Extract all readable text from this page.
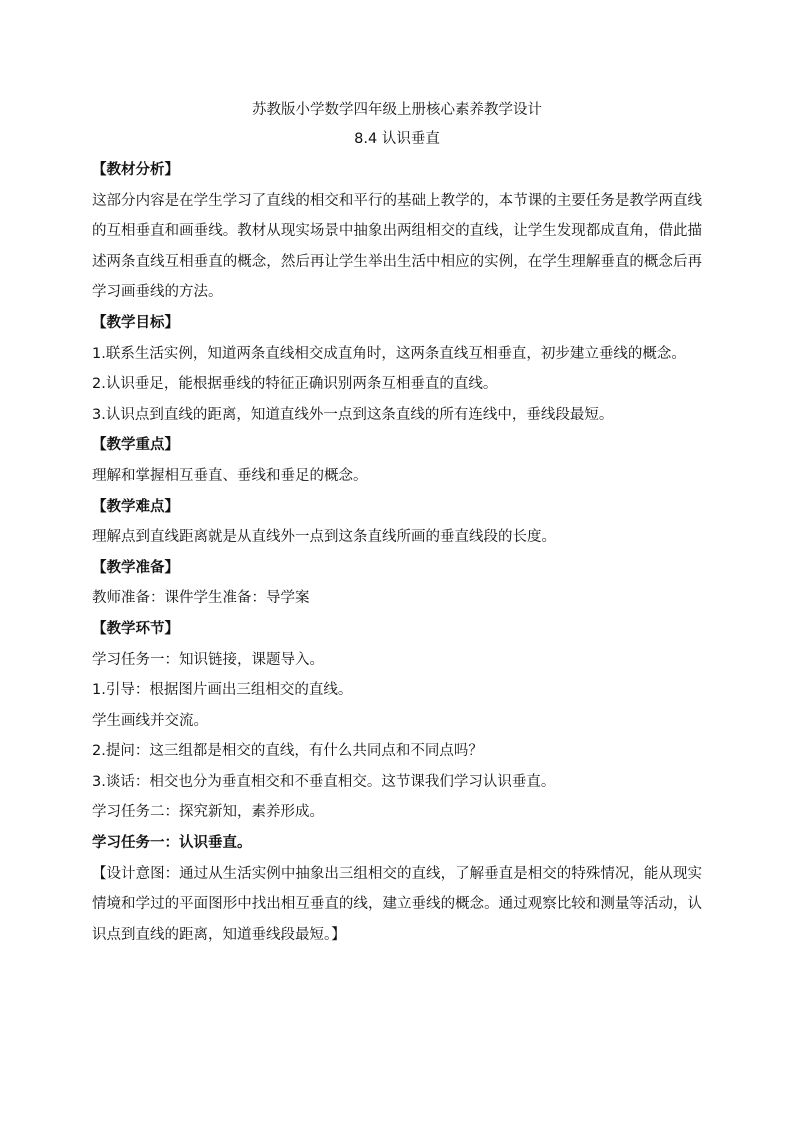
苏教版小学数学四年级上册核心素养教学设计

8.4 认识垂直

【教材分析】

这部分内容是在学生学习了直线的相交和平行的基础上教学的，本节课的主要任务是教学两直线的互相垂直和画垂线。教材从现实场景中抽象出两组相交的直线，让学生发现都成直角，借此描述两条直线互相垂直的概念，然后再让学生举出生活中相应的实例，在学生理解垂直的概念后再学习画垂线的方法。

【教学目标】

1.联系生活实例，知道两条直线相交成直角时，这两条直线互相垂直，初步建立垂线的概念。

2.认识垂足，能根据垂线的特征正确识别两条互相垂直的直线。

3.认识点到直线的距离，知道直线外一点到这条直线的所有连线中，垂线段最短。

【教学重点】

理解和掌握相互垂直、垂线和垂足的概念。

【教学难点】

理解点到直线距离就是从直线外一点到这条直线所画的垂直线段的长度。

【教学准备】

教师准备：课件学生准备：导学案

【教学环节】

学习任务一：知识链接，课题导入。

1.引导：根据图片画出三组相交的直线。

学生画线并交流。

2.提问：这三组都是相交的直线，有什么共同点和不同点吗？

3.谈话：相交也分为垂直相交和不垂直相交。这节课我们学习认识垂直。

学习任务二：探究新知，素养形成。

学习任务一：认识垂直。

【设计意图：通过从生活实例中抽象出三组相交的直线，了解垂直是相交的特殊情况，能从现实情境和学过的平面图形中找出相互垂直的线，建立垂线的概念。通过观察比较和测量等活动，认识点到直线的距离，知道垂线段最短。】
